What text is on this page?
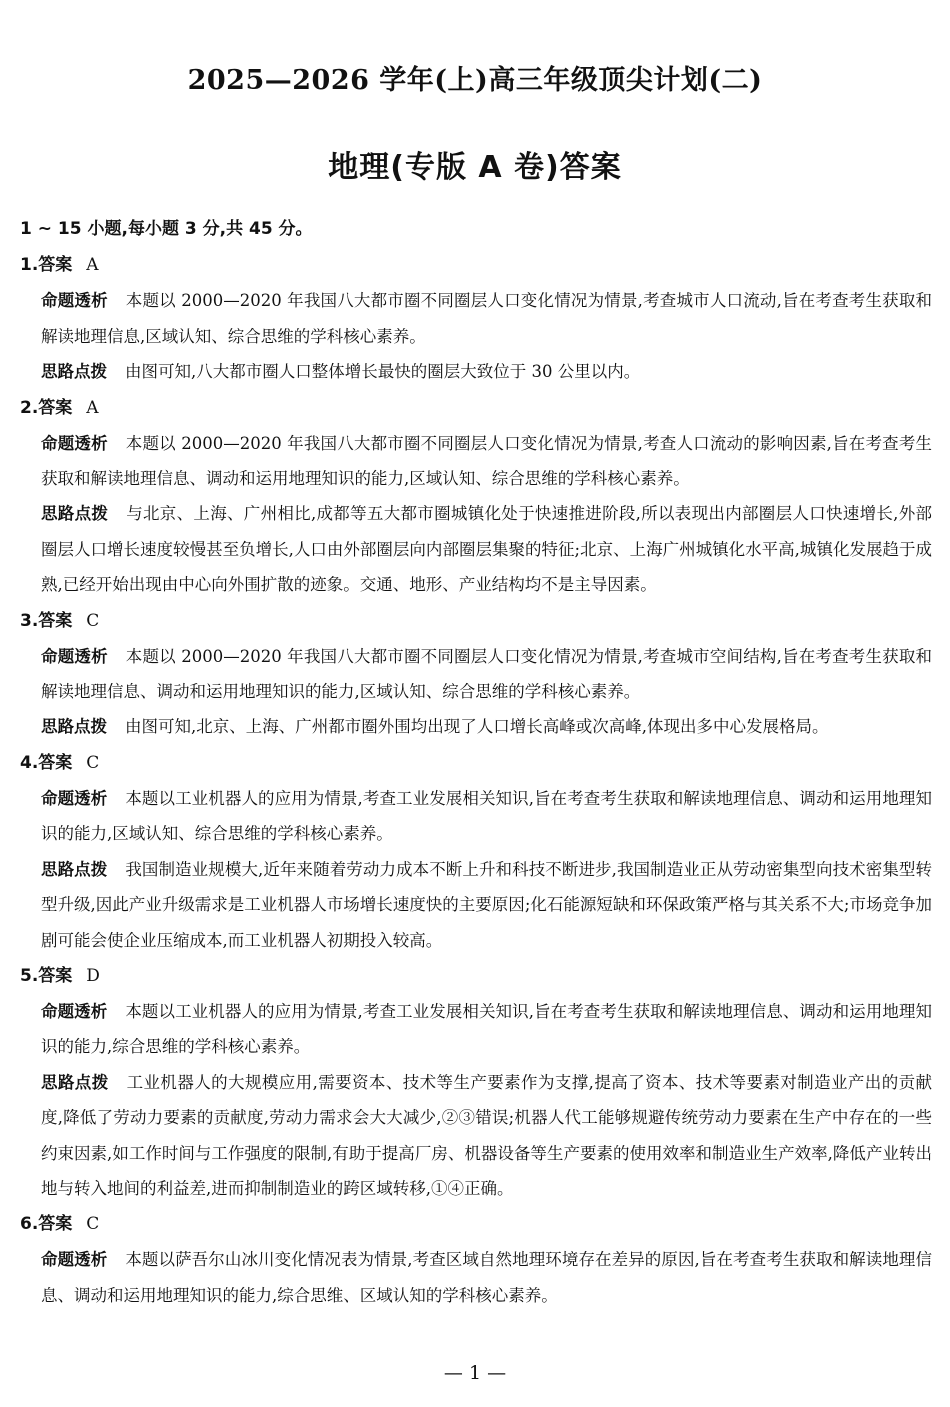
2025—2026 学年(上)高三年级顶尖计划(二)
地理(专版 A 卷)答案
1 ~ 15 小题,每小题 3 分,共 45 分。
1.答案 A
命题透析 本题以 2000—2020 年我国八大都市圈不同圈层人口变化情况为情景,考查城市人口流动,旨在考查考生获取和解读地理信息,区域认知、综合思维的学科核心素养。
思路点拨 由图可知,八大都市圈人口整体增长最快的圈层大致位于 30 公里以内。
2.答案 A
命题透析 本题以 2000—2020 年我国八大都市圈不同圈层人口变化情况为情景,考查人口流动的影响因素,旨在考查考生获取和解读地理信息、调动和运用地理知识的能力,区域认知、综合思维的学科核心素养。
思路点拨 与北京、上海、广州相比,成都等五大都市圈城镇化处于快速推进阶段,所以表现出内部圈层人口快速增长,外部圈层人口增长速度较慢甚至负增长,人口由外部圈层向内部圈层集聚的特征;北京、上海广州城镇化水平高,城镇化发展趋于成熟,已经开始出现由中心向外围扩散的迹象。交通、地形、产业结构均不是主导因素。
3.答案 C
命题透析 本题以 2000—2020 年我国八大都市圈不同圈层人口变化情况为情景,考查城市空间结构,旨在考查考生获取和解读地理信息、调动和运用地理知识的能力,区域认知、综合思维的学科核心素养。
思路点拨 由图可知,北京、上海、广州都市圈外围均出现了人口增长高峰或次高峰,体现出多中心发展格局。
4.答案 C
命题透析 本题以工业机器人的应用为情景,考查工业发展相关知识,旨在考查考生获取和解读地理信息、调动和运用地理知识的能力,区域认知、综合思维的学科核心素养。
思路点拨 我国制造业规模大,近年来随着劳动力成本不断上升和科技不断进步,我国制造业正从劳动密集型向技术密集型转型升级,因此产业升级需求是工业机器人市场增长速度快的主要原因;化石能源短缺和环保政策严格与其关系不大;市场竞争加剧可能会使企业压缩成本,而工业机器人初期投入较高。
5.答案 D
命题透析 本题以工业机器人的应用为情景,考查工业发展相关知识,旨在考查考生获取和解读地理信息、调动和运用地理知识的能力,综合思维的学科核心素养。
思路点拨 工业机器人的大规模应用,需要资本、技术等生产要素作为支撑,提高了资本、技术等要素对制造业产出的贡献度,降低了劳动力要素的贡献度,劳动力需求会大大减少,②③错误;机器人代工能够规避传统劳动力要素在生产中存在的一些约束因素,如工作时间与工作强度的限制,有助于提高厂房、机器设备等生产要素的使用效率和制造业生产效率,降低产业转出地与转入地间的利益差,进而抑制制造业的跨区域转移,①④正确。
6.答案 C
命题透析 本题以萨吾尔山冰川变化情况表为情景,考查区域自然地理环境存在差异的原因,旨在考查考生获取和解读地理信息、调动和运用地理知识的能力,综合思维、区域认知的学科核心素养。
— 1 —
